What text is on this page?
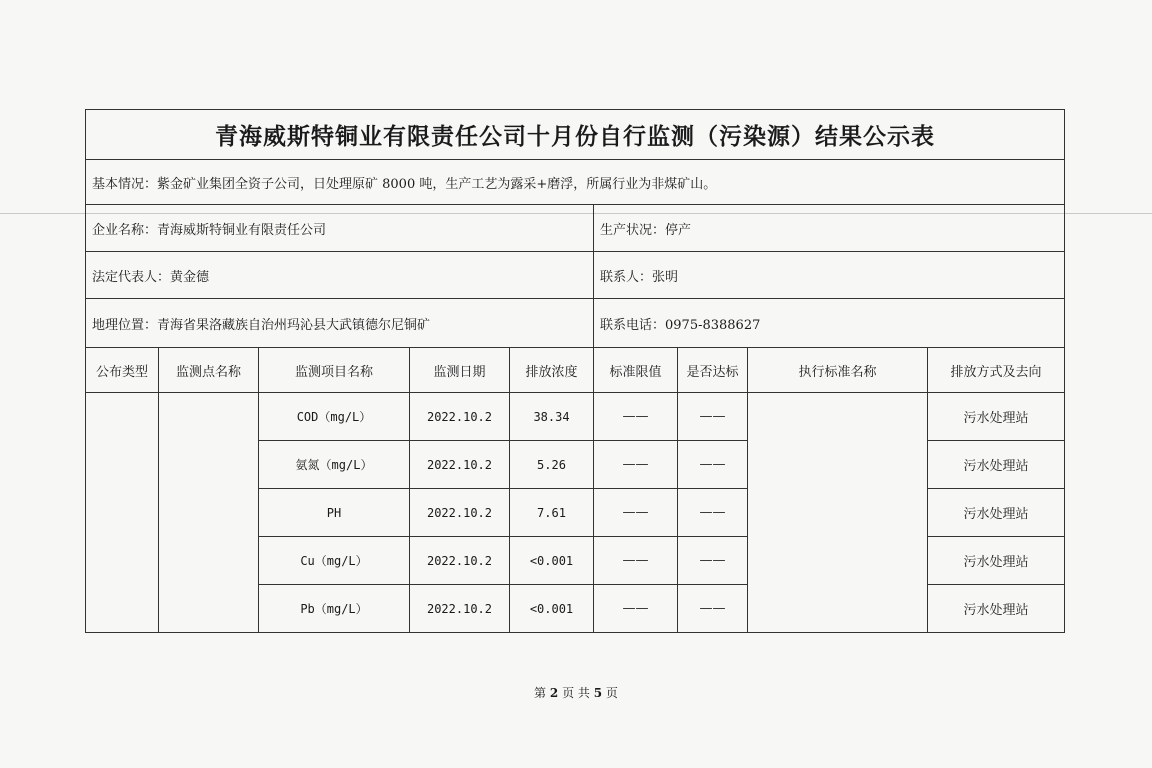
青海威斯特铜业有限责任公司十月份自行监测（污染源）结果公示表								
基本情况：紫金矿业集团全资子公司，日处理原矿 8000 吨，生产工艺为露采+磨浮，所属行业为非煤矿山。								
企业名称：青海威斯特铜业有限责任公司					生产状况：停产			
法定代表人：黄金德					联系人：张明			
地理位置：青海省果洛藏族自治州玛沁县大武镇德尔尼铜矿					联系电话：0975-8388627			
公布类型	监测点名称	监测项目名称	监测日期	排放浓度	标准限值	是否达标	执行标准名称	排放方式及去向
		COD（mg/L）	2022.10.2	38.34	——	——		污水处理站
		氨氮（mg/L）	2022.10.2	5.26	——	——		污水处理站
		PH	2022.10.2	7.61	——	——		污水处理站
		Cu（mg/L）	2022.10.2	<0.001	——	——		污水处理站
		Pb（mg/L）	2022.10.2	<0.001	——	——		污水处理站
第 2 页 共 5 页
